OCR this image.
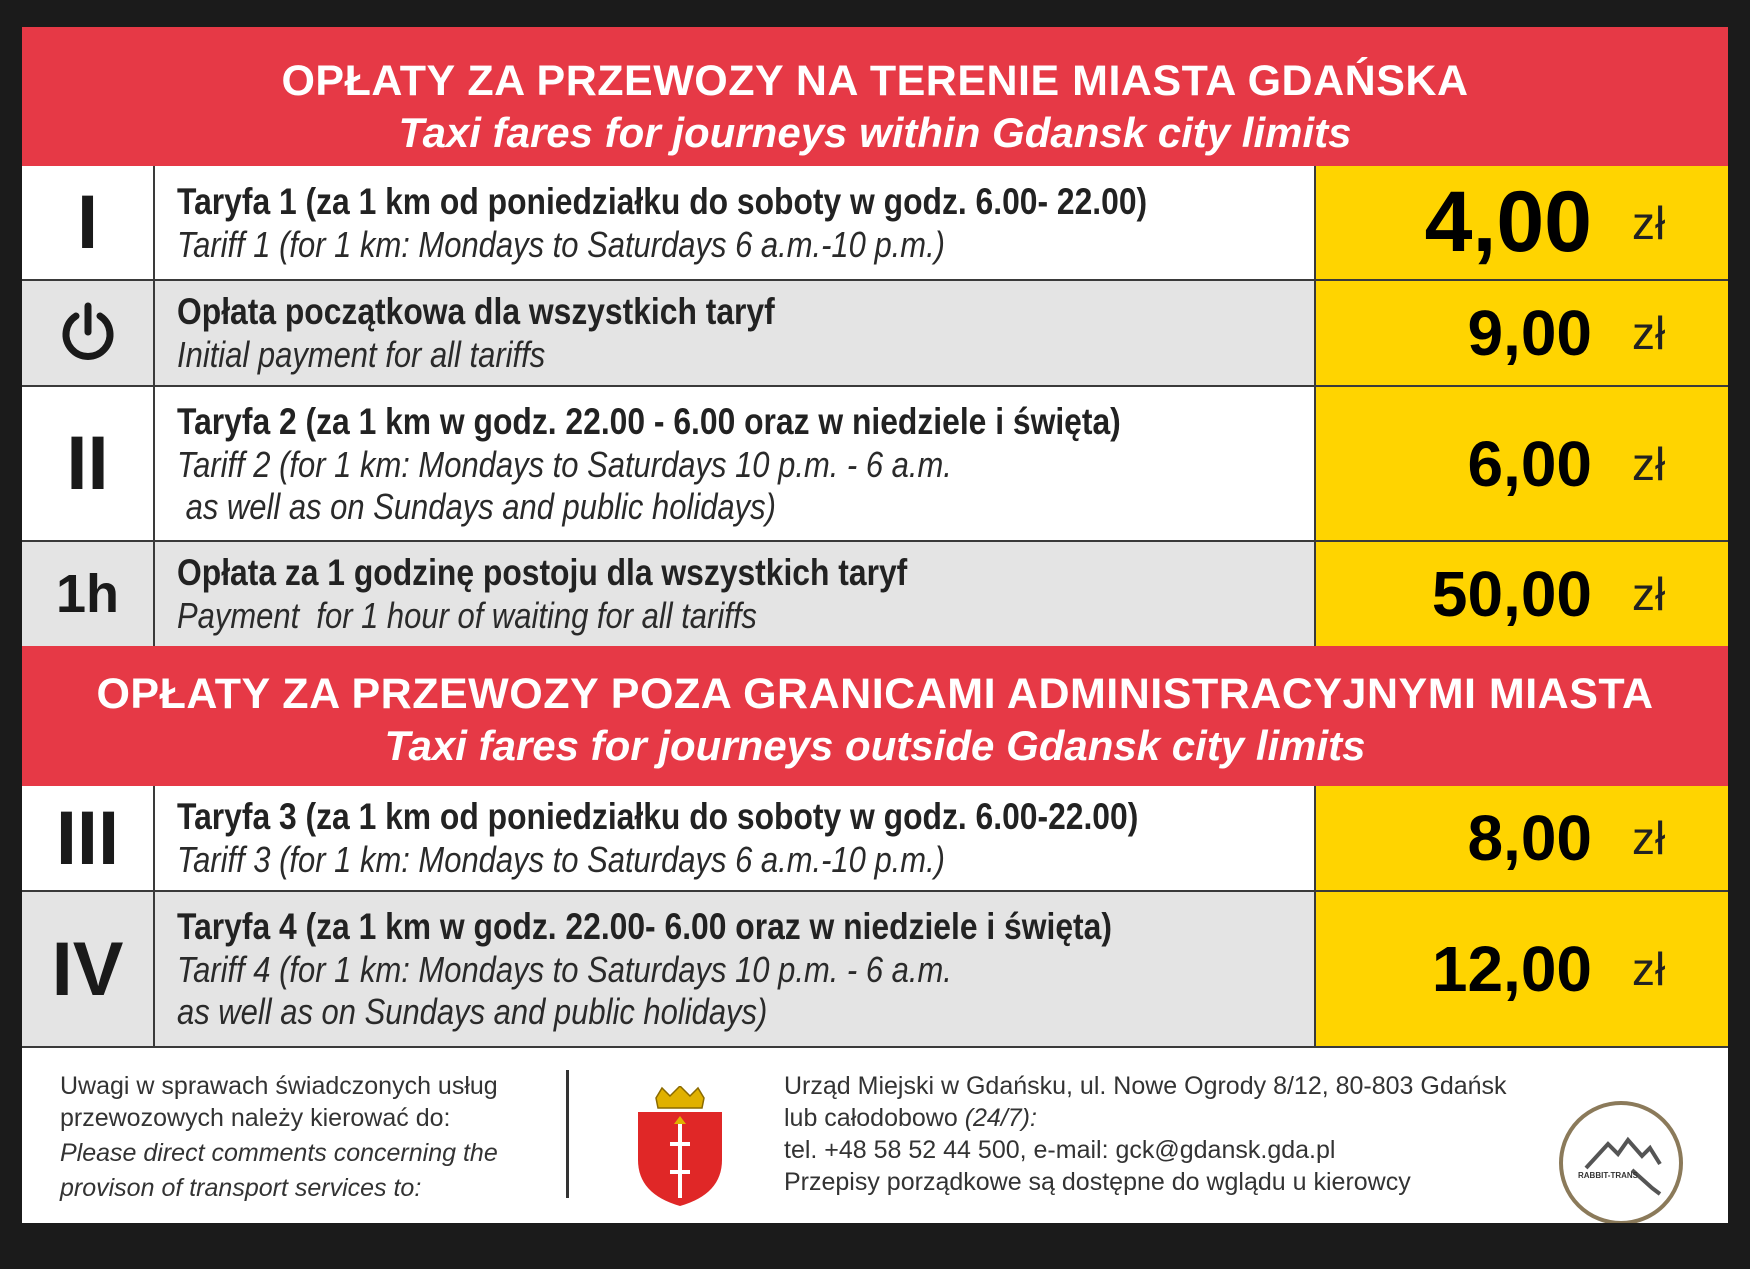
OPŁATY ZA PRZEWOZY NA TERENIE MIASTA GDAŃSKA
Taxi fares for journeys within Gdansk city limits
I	Taryfa 1 (za 1 km od poniedziałku do soboty w godz. 6.00- 22.00)
Tariff 1 (for 1 km: Mondays to Saturdays 6 a.m.-10 p.m.)	4,00 zł
Opłata początkowa dla wszystkich taryf
Initial payment for all tariffs	9,00 zł
II	Taryfa 2 (za 1 km w godz. 22.00 - 6.00 oraz w niedziele i święta)
Tariff 2 (for 1 km: Mondays to Saturdays 10 p.m. - 6 a.m.
as well as on Sundays and public holidays)
6,00 zł
1h	Opłata za 1 godzinę postoju dla wszystkich taryf
Payment  for 1 hour of waiting for all tariffs	50,00 zł
OPŁATY ZA PRZEWOZY POZA GRANICAMI ADMINISTRACYJNYMI MIASTA
Taxi fares for journeys outside Gdansk city limits
III	Taryfa 3 (za 1 km od poniedziałku do soboty w godz. 6.00-22.00)
Tariff 3 (for 1 km: Mondays to Saturdays 6 a.m.-10 p.m.)	8,00 zł
IV	Taryfa 4 (za 1 km w godz. 22.00- 6.00 oraz w niedziele i święta)
Tariff 4 (for 1 km: Mondays to Saturdays 10 p.m. - 6 a.m.
as well as on Sundays and public holidays)
12,00 zł
Uwagi w sprawach świadczonych usług
przewozowych należy kierować do:
Please direct comments concerning the
provison of transport services to:
Urząd Miejski w Gdańsku, ul. Nowe Ogrody 8/12, 80-803 Gdańsk
lub całodobowo (24/7):
tel. +48 58 52 44 500, e-mail: gck@gdansk.gda.pl
Przepisy porządkowe są dostępne do wglądu u kierowcy	RABBIT-TRANS
